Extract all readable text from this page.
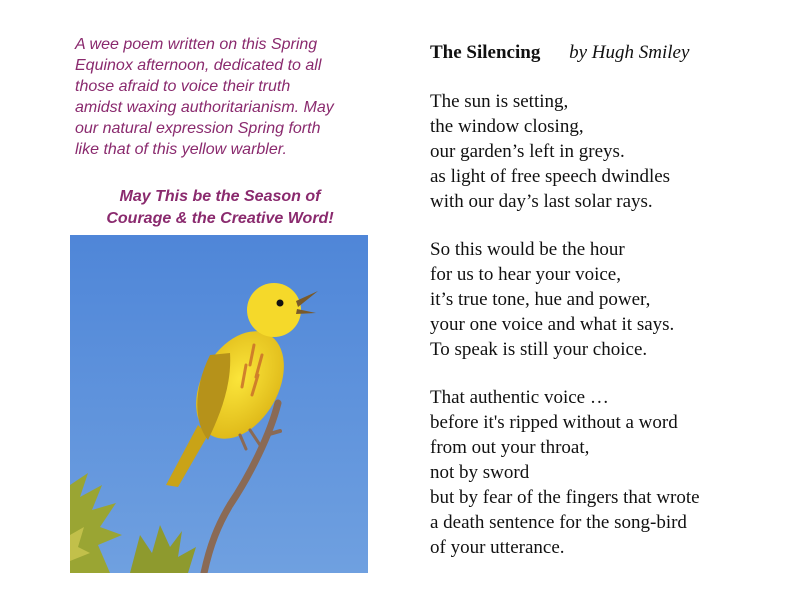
A wee poem written on this Spring
Equinox afternoon, dedicated to all
those afraid to voice their truth
amidst waxing authoritarianism. May
our natural expression Spring forth
like that of this yellow warbler.
May This be the Season of
Courage & the Creative Word!
The Silencing by Hugh Smiley
The sun is setting,
the window closing,
our garden’s left in greys.
as light of free speech dwindles
with our day’s last solar rays.
So this would be the hour
for us to hear your voice,
it’s true tone, hue and power,
your one voice and what it says.
To speak is still your choice.
That authentic voice …
before it's ripped without a word
from out your throat,
not by sword
but by fear of the fingers that wrote
a death sentence for the song-bird
of your utterance.
